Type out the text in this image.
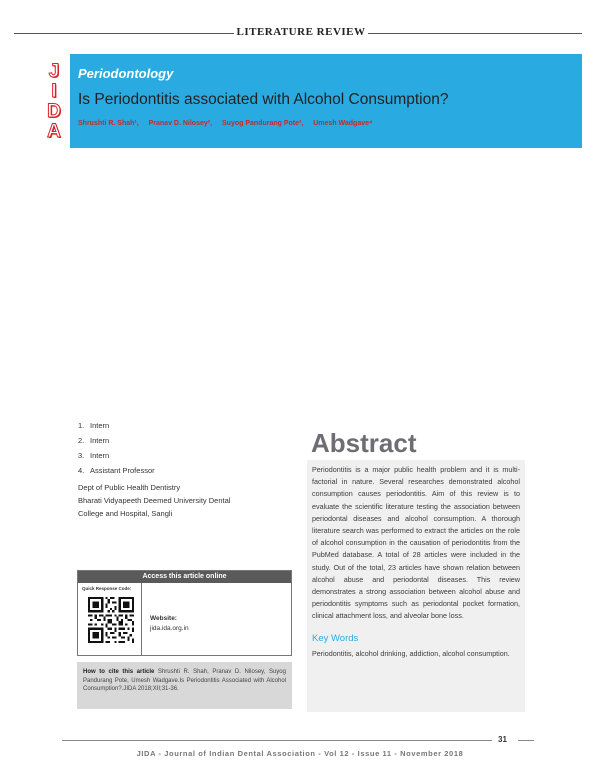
LITERATURE REVIEW
J
I
D
A
Periodontology
Is Periodontitis associated with Alcohol Consumption?
Shrushti R. Shah¹, Pranav D. Nilosey², Suyog Pandurang Pote³, Umesh Wadgave⁴
1. Intern
2. Intern
3. Intern
4. Assistant Professor
Dept of Public Health Dentistry
Bharati Vidyapeeth Deemed University Dental
College and Hospital, Sangli
Access this article online
Quick Response Code:
Website:
jida.ida.org.in
How to cite this article Shrushti R. Shah, Pranav D. Nilosey, Suyog Pandurang Pote, Umesh Wadgave.Is Periodontitis Associated with Alcohol Consumption?.JIDA 2018;XII;31-36.
Abstract

Periodontitis is a major public health problem and it is multi-factorial in nature. Several researches demonstrated alcohol consumption causes periodontitis. Aim of this review is to evaluate the scientific literature testing the association between periodontal diseases and alcohol consumption. A thorough literature search was performed to extract the articles on the role of alcohol consumption in the causation of periodontitis from the PubMed database. A total of 28 articles were included in the study. Out of the total, 23 articles have shown relation between alcohol abuse and periodontal diseases. This review demonstrates a strong association between alcohol abuse and periodontitis symptoms such as periodontal pocket formation, clinical attachment loss, and alveolar bone loss.

Key Words

Periodontitis, alcohol drinking, addiction, alcohol consumption.

31
JIDA - Journal of Indian Dental Association - Vol 12 - Issue 11 - November 2018
